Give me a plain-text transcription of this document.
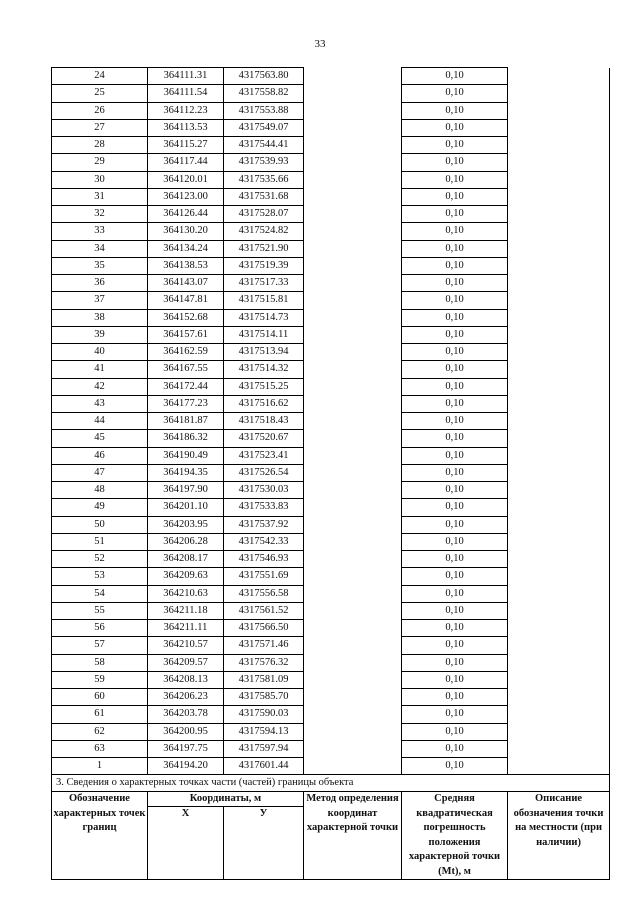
33
24	364111.31	4317563.80		0,10	
25	364111.54	4317558.82		0,10	
26	364112.23	4317553.88		0,10	
27	364113.53	4317549.07		0,10	
28	364115.27	4317544.41		0,10	
29	364117.44	4317539.93		0,10	
30	364120.01	4317535.66		0,10	
31	364123.00	4317531.68		0,10	
32	364126.44	4317528.07		0,10	
33	364130.20	4317524.82		0,10	
34	364134.24	4317521.90		0,10	
35	364138.53	4317519.39		0,10	
36	364143.07	4317517.33		0,10	
37	364147.81	4317515.81		0,10	
38	364152.68	4317514.73		0,10	
39	364157.61	4317514.11		0,10	
40	364162.59	4317513.94		0,10	
41	364167.55	4317514.32		0,10	
42	364172.44	4317515.25		0,10	
43	364177.23	4317516.62		0,10	
44	364181.87	4317518.43		0,10	
45	364186.32	4317520.67		0,10	
46	364190.49	4317523.41		0,10	
47	364194.35	4317526.54		0,10	
48	364197.90	4317530.03		0,10	
49	364201.10	4317533.83		0,10	
50	364203.95	4317537.92		0,10	
51	364206.28	4317542.33		0,10	
52	364208.17	4317546.93		0,10	
53	364209.63	4317551.69		0,10	
54	364210.63	4317556.58		0,10	
55	364211.18	4317561.52		0,10	
56	364211.11	4317566.50		0,10	
57	364210.57	4317571.46		0,10	
58	364209.57	4317576.32		0,10	
59	364208.13	4317581.09		0,10	
60	364206.23	4317585.70		0,10	
61	364203.78	4317590.03		0,10	
62	364200.95	4317594.13		0,10	
63	364197.75	4317597.94		0,10	
1	364194.20	4317601.44		0,10	
3. Сведения о характерных точках части (частей) границы объекта					
Обозначение характерных точек границ	Координаты, м		Метод определения координат характерной точки	Средняя квадратическая погрешность положения характерной точки (Mt), м	Описание обозначения точки на местности (при наличии)
	X	У			
